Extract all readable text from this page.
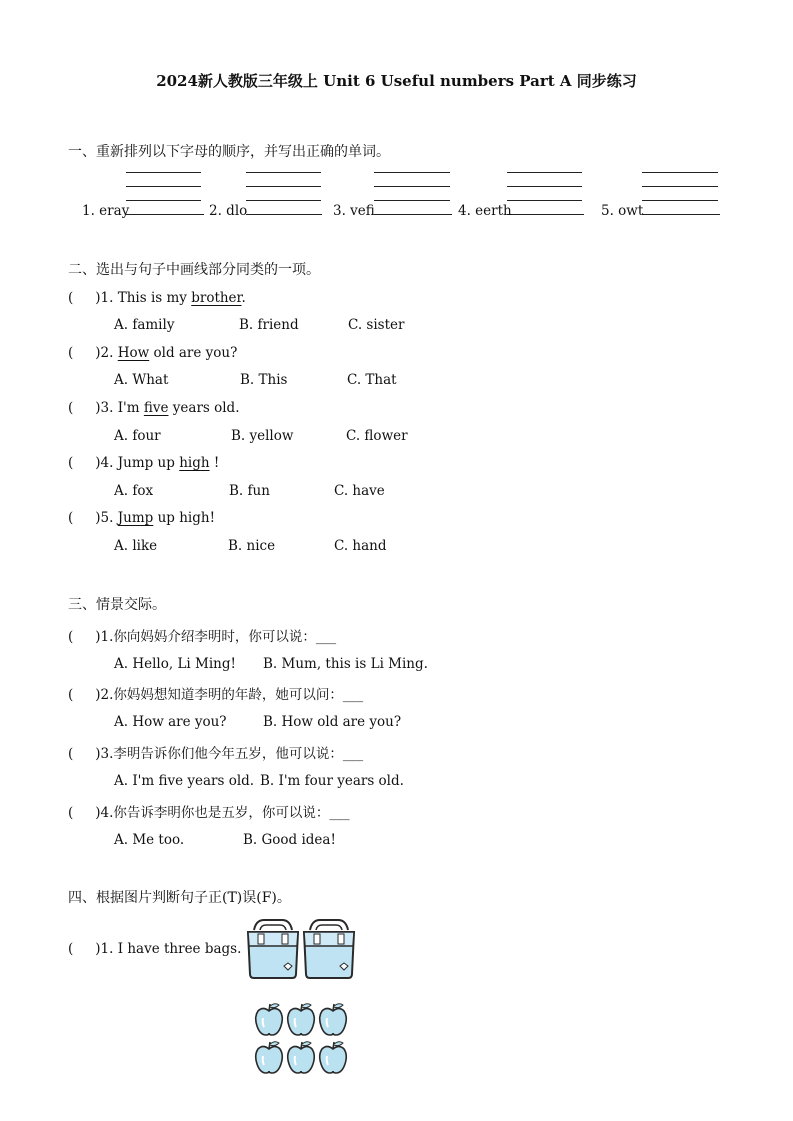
2024新人教版三年级上 Unit 6 Useful numbers Part A 同步练习
一、重新排列以下字母的顺序，并写出正确的单词。
1. eray	2. dlo	3. vefi	4. eerth	5. owt
二、选出与句子中画线部分同类的一项。
( )1. This is my brother.
A. family	B. friend	C. sister
( )2. How old are you?
A. What	B. This	C. That
( )3. I'm five years old.
A. four	B. yellow	C. flower
( )4. Jump up high !
A. fox	B. fun	C. have
( )5. Jump up high!
A. like	B. nice	C. hand
三、情景交际。
( )1.你向妈妈介绍李明时，你可以说：___
A. Hello, Li Ming! B. Mum, this is Li Ming.
( )2.你妈妈想知道李明的年龄，她可以问：___
A. How are you?	B. How old are you?
( )3.李明告诉你们他今年五岁，他可以说：___
A. I'm five years old. B. I'm four years old.
( )4.你告诉李明你也是五岁，你可以说：___
A. Me too.	B. Good idea!
四、根据图片判断句子正(T)误(F)。
( )1. I have three bags.
